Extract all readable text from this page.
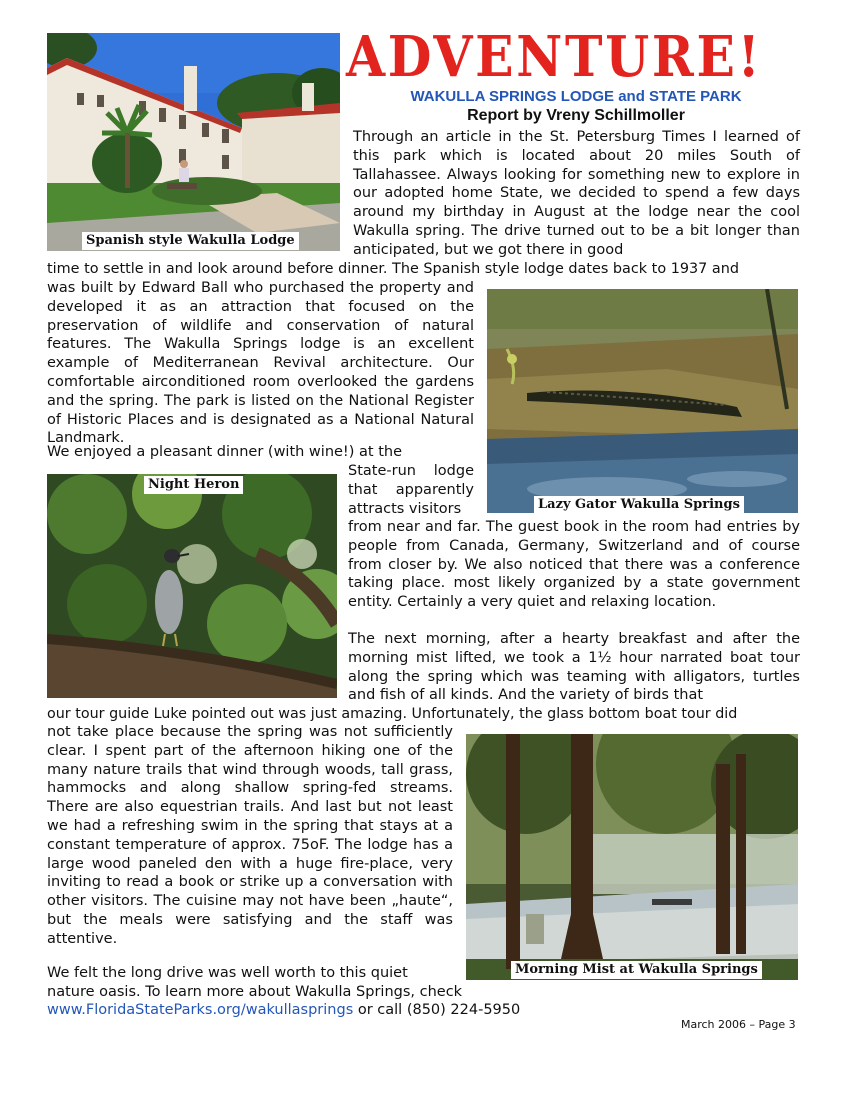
ADVENTURE!
WAKULLA SPRINGS LODGE and STATE PARK
Report by Vreny Schillmoller
Spanish style Wakulla Lodge

Through an article in the St. Petersburg Times I learned of this park which is located about 20 miles South of Tallahassee. Always looking for something new to explore in our adopted home State, we decided to spend a few days around my birthday in August at the lodge near the cool Wakulla spring. The drive turned out to be a bit longer than anticipated, but we got there in good

time to settle in and look around before dinner. The Spanish style lodge dates back to 1937 and

Lazy Gator Wakulla Springs

was built by Edward Ball who purchased the property and developed it as an attraction that focused on the preservation of wildlife and conservation of natural features. The Wakulla Springs lodge is an excellent example of Mediterranean Revival architecture. Our comfortable airconditioned room overlooked the gardens and the spring. The park is listed on the National Register of Historic Places and is designated as a National Natural Landmark.

We enjoyed a pleasant dinner (with wine!) at the

Night Heron

State-run lodge that apparently attracts visitors

from near and far. The guest book in the room had entries by people from Canada, Germany, Switzerland and of course from closer by. We also noticed that there was a conference taking place. most likely organized by a state government entity. Certainly a very quiet and relaxing location.

The next morning, after a hearty breakfast and after the morning mist lifted, we took a 1½ hour narrated boat tour along the spring which was teaming with alligators, turtles and fish of all kinds. And the variety of birds that

our tour guide Luke pointed out was just amazing. Unfortunately, the glass bottom boat tour did

Morning Mist at Wakulla Springs

not take place because the spring was not sufficiently clear. I spent part of the afternoon hiking one of the many nature trails that wind through woods, tall grass, hammocks and along shallow spring-fed streams. There are also equestrian trails. And last but not least we had a refreshing swim in the spring that stays at a constant temperature of approx. 75oF. The lodge has a large wood paneled den with a huge fire-place, very inviting to read a book or strike up a conversation with other visitors. The cuisine may not have been „haute“, but the meals were satisfying and the staff was attentive.

We felt the long drive was well worth to this quiet

nature oasis. To learn more about Wakulla Springs, check

www.FloridaStateParks.org/wakullasprings or call (850) 224-5950

March 2006 – Page 3
